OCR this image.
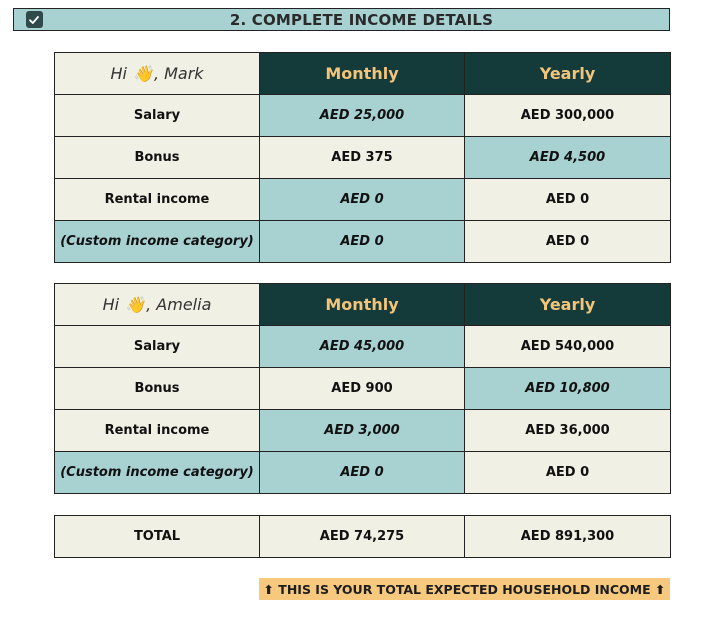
2. COMPLETE INCOME DETAILS
Hi 👋, Mark	Monthly	Yearly
Salary	AED 25,000	AED 300,000
Bonus	AED 375	AED 4,500
Rental income	AED 0	AED 0
(Custom income category)	AED 0	AED 0
Hi 👋, Amelia	Monthly	Yearly
Salary	AED 45,000	AED 540,000
Bonus	AED 900	AED 10,800
Rental income	AED 3,000	AED 36,000
(Custom income category)	AED 0	AED 0
TOTAL	AED 74,275	AED 891,300
⬆ THIS IS YOUR TOTAL EXPECTED HOUSEHOLD INCOME ⬆
